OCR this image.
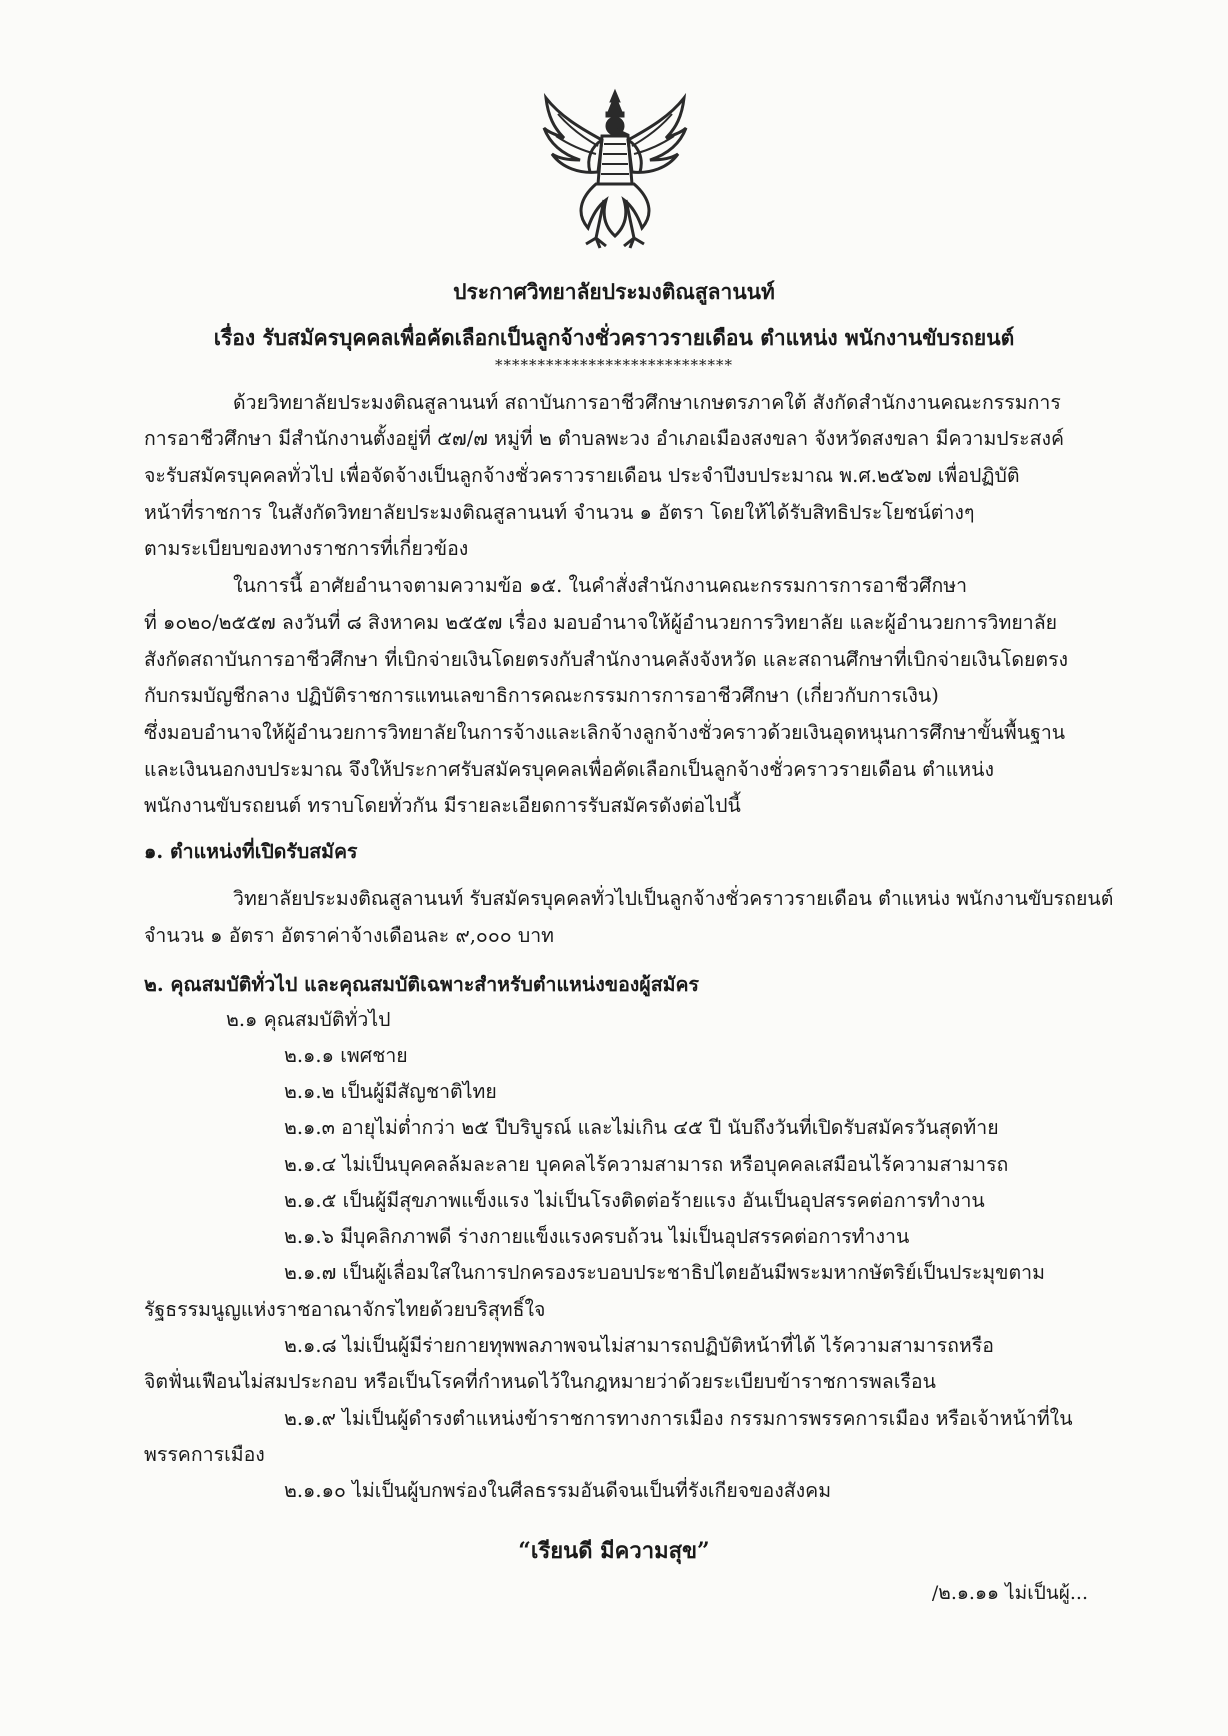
ประกาศวิทยาลัยประมงติณสูลานนท์
เรื่อง รับสมัครบุคคลเพื่อคัดเลือกเป็นลูกจ้างชั่วคราวรายเดือน ตำแหน่ง พนักงานขับรถยนต์
****************************
ด้วยวิทยาลัยประมงติณสูลานนท์ สถาบันการอาชีวศึกษาเกษตรภาคใต้ สังกัดสำนักงานคณะกรรมการ
การอาชีวศึกษา มีสำนักงานตั้งอยู่ที่ ๕๗/๗ หมู่ที่ ๒ ตำบลพะวง อำเภอเมืองสงขลา จังหวัดสงขลา มีความประสงค์
จะรับสมัครบุคคลทั่วไป เพื่อจัดจ้างเป็นลูกจ้างชั่วคราวรายเดือน ประจำปีงบประมาณ พ.ศ.๒๕๖๗ เพื่อปฏิบัติ
หน้าที่ราชการ ในสังกัดวิทยาลัยประมงติณสูลานนท์ จำนวน ๑ อัตรา โดยให้ได้รับสิทธิประโยชน์ต่างๆ
ตามระเบียบของทางราชการที่เกี่ยวข้อง
ในการนี้ อาศัยอำนาจตามความข้อ ๑๕. ในคำสั่งสำนักงานคณะกรรมการการอาชีวศึกษา
ที่ ๑๐๒๐/๒๕๕๗ ลงวันที่ ๘ สิงหาคม ๒๕๕๗ เรื่อง มอบอำนาจให้ผู้อำนวยการวิทยาลัย และผู้อำนวยการวิทยาลัย
สังกัดสถาบันการอาชีวศึกษา ที่เบิกจ่ายเงินโดยตรงกับสำนักงานคลังจังหวัด และสถานศึกษาที่เบิกจ่ายเงินโดยตรง
กับกรมบัญชีกลาง ปฏิบัติราชการแทนเลขาธิการคณะกรรมการการอาชีวศึกษา (เกี่ยวกับการเงิน)
ซึ่งมอบอำนาจให้ผู้อำนวยการวิทยาลัยในการจ้างและเลิกจ้างลูกจ้างชั่วคราวด้วยเงินอุดหนุนการศึกษาขั้นพื้นฐาน
และเงินนอกงบประมาณ จึงให้ประกาศรับสมัครบุคคลเพื่อคัดเลือกเป็นลูกจ้างชั่วคราวรายเดือน ตำแหน่ง
พนักงานขับรถยนต์ ทราบโดยทั่วกัน มีรายละเอียดการรับสมัครดังต่อไปนี้
๑. ตำแหน่งที่เปิดรับสมัคร
วิทยาลัยประมงติณสูลานนท์ รับสมัครบุคคลทั่วไปเป็นลูกจ้างชั่วคราวรายเดือน ตำแหน่ง พนักงานขับรถยนต์
จำนวน ๑ อัตรา อัตราค่าจ้างเดือนละ ๙,๐๐๐ บาท
๒. คุณสมบัติทั่วไป และคุณสมบัติเฉพาะสำหรับตำแหน่งของผู้สมัคร
๒.๑ คุณสมบัติทั่วไป
๒.๑.๑ เพศชาย
๒.๑.๒ เป็นผู้มีสัญชาติไทย
๒.๑.๓ อายุไม่ต่ำกว่า ๒๕ ปีบริบูรณ์ และไม่เกิน ๔๕ ปี นับถึงวันที่เปิดรับสมัครวันสุดท้าย
๒.๑.๔ ไม่เป็นบุคคลล้มละลาย บุคคลไร้ความสามารถ หรือบุคคลเสมือนไร้ความสามารถ
๒.๑.๕ เป็นผู้มีสุขภาพแข็งแรง ไม่เป็นโรงติดต่อร้ายแรง อันเป็นอุปสรรคต่อการทำงาน
๒.๑.๖ มีบุคลิกภาพดี ร่างกายแข็งแรงครบถ้วน ไม่เป็นอุปสรรคต่อการทำงาน
๒.๑.๗ เป็นผู้เลื่อมใสในการปกครองระบอบประชาธิปไตยอันมีพระมหากษัตริย์เป็นประมุขตาม
รัฐธรรมนูญแห่งราชอาณาจักรไทยด้วยบริสุทธิ์ใจ
๒.๑.๘ ไม่เป็นผู้มีร่ายกายทุพพลภาพจนไม่สามารถปฏิบัติหน้าที่ได้ ไร้ความสามารถหรือ
จิตฟั่นเฟือนไม่สมประกอบ หรือเป็นโรคที่กำหนดไว้ในกฎหมายว่าด้วยระเบียบข้าราชการพลเรือน
๒.๑.๙ ไม่เป็นผู้ดำรงตำแหน่งข้าราชการทางการเมือง กรรมการพรรคการเมือง หรือเจ้าหน้าที่ใน
พรรคการเมือง
๒.๑.๑๐ ไม่เป็นผู้บกพร่องในศีลธรรมอันดีจนเป็นที่รังเกียจของสังคม
“เรียนดี มีความสุข”
/๒.๑.๑๑ ไม่เป็นผู้...
